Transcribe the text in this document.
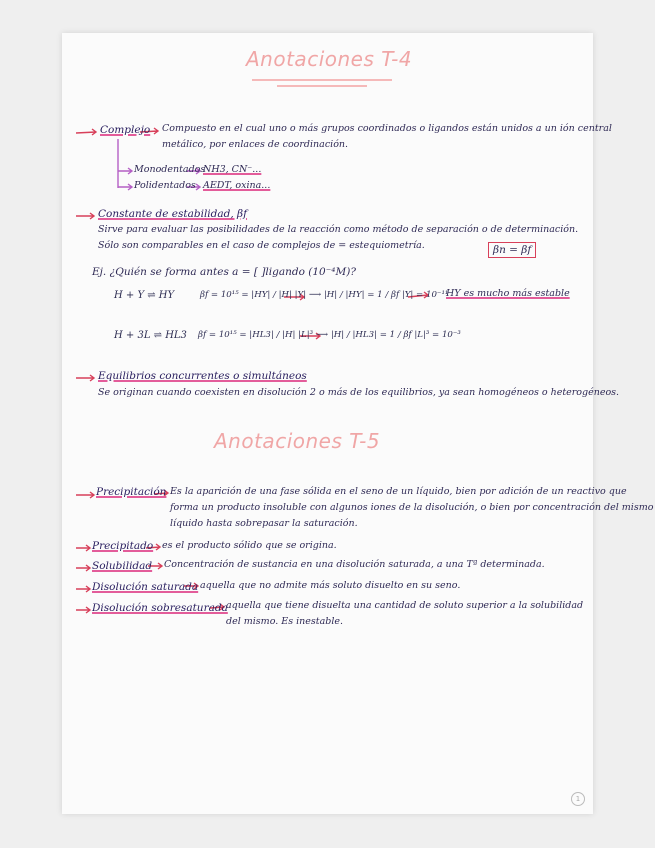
Anotaciones T-4
Complejo Compuesto en el cual uno o más grupos coordinados o ligandos están unidos a un ión central
metálico, por enlaces de coordinación.
Monodentados
NH3, CN⁻...
Polidentados AEDT, oxina...
Constante de estabilidad, βf
Sirve para evaluar las posibilidades de la reacción como método de separación o de determinación.
Sólo son comparables en el caso de complejos de = estequiometría.	βn = βf
Ej. ¿Quién se forma antes a = [ ]ligando (10⁻⁴M)?
H + Y ⇌ HY	βf = 10¹⁵ = |HY| / |H| |Y| ⟶ |H| / |HY| = 1 / βf |Y| = 10⁻¹¹
HY es mucho más estable
H + 3L ⇌ HL3 βf = 10¹⁵ = |HL3| / |H| |L|³ ⟶ |H| / |HL3| = 1 / βf |L|³ = 10⁻³
Equilibrios concurrentes o simultáneos
Se originan cuando coexisten en disolución 2 o más de los equilibrios, ya sean homogéneos o heterogéneos.
Anotaciones T-5
Precipitación Es la aparición de una fase sólida en el seno de un líquido, bien por adición de un reactivo que
forma un producto insoluble con algunos iones de la disolución, o bien por concentración del mismo
líquido hasta sobrepasar la saturación.
Precipitado es el producto sólido que se origina.
Solubilidad Concentración de sustancia en una disolución saturada, a una Tª determinada.
Disolución saturada aquella que no admite más soluto disuelto en su seno.
Disolución sobresaturada
aquella que tiene disuelta una cantidad de soluto superior a la solubilidad
del mismo. Es inestable.
1
